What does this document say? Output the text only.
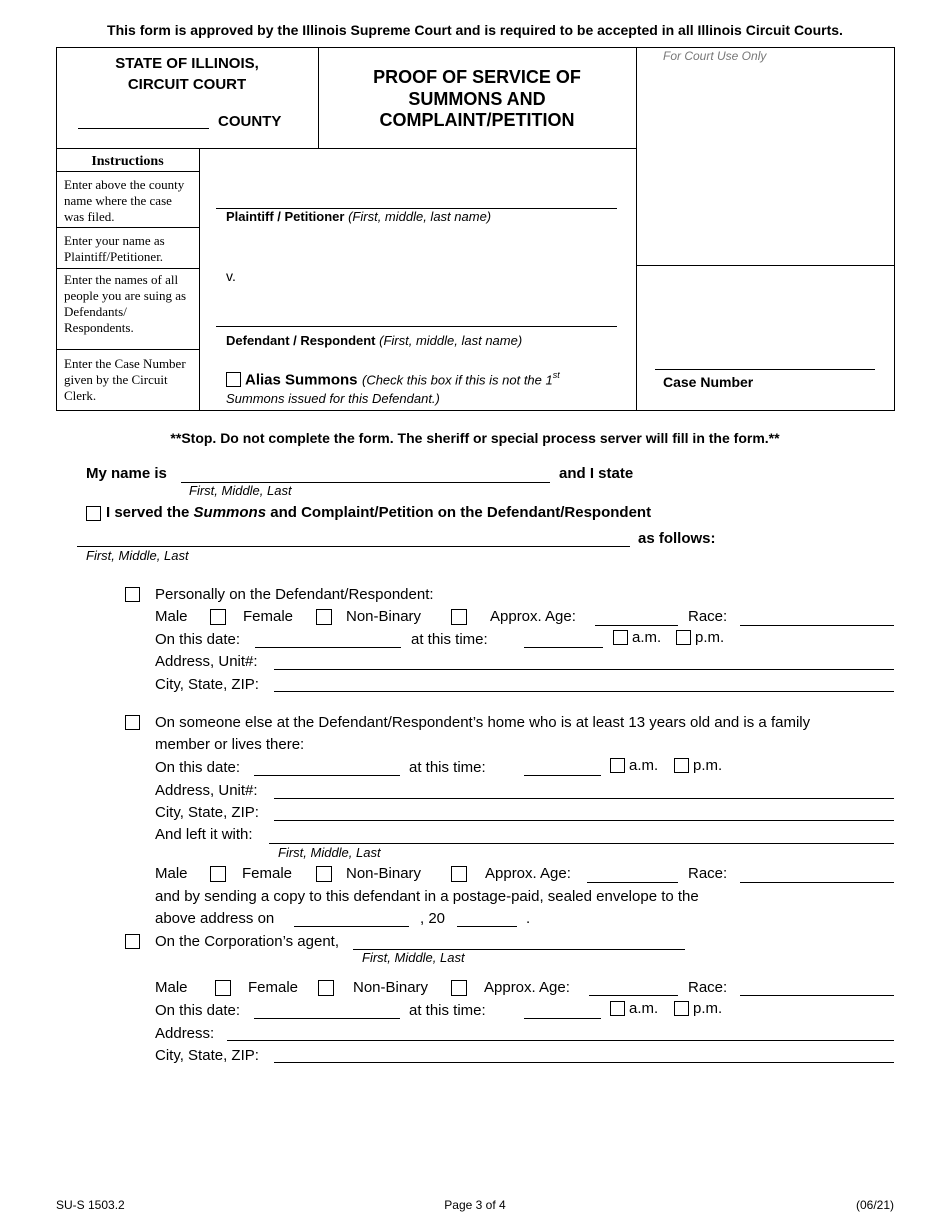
This form is approved by the Illinois Supreme Court and is required to be accepted in all Illinois Circuit Courts.
STATE OF ILLINOIS,
CIRCUIT COURT
COUNTY
PROOF OF SERVICE OF
SUMMONS AND
COMPLAINT/PETITION
For Court Use Only
Instructions
Enter above the county name where the case was filed.
Enter your name as Plaintiff/Petitioner.
Enter the names of all people you are suing as Defendants/ Respondents.
Enter the Case Number given by the Circuit Clerk.
Plaintiff / Petitioner (First, middle, last name)
v.
Defendant / Respondent (First, middle, last name)
Alias Summons (Check this box if this is not the 1st
Summons issued for this Defendant.)
Case Number
**Stop. Do not complete the form. The sheriff or special process server will fill in the form.**
My name is	and I state
First, Middle, Last
I served the Summons and Complaint/Petition on the Defendant/Respondent
as follows:
First, Middle, Last
Personally on the Defendant/Respondent:
Male	Female	Non-Binary	Approx. Age:	Race:
On this date:	at this time:	a.m. p.m.
Address, Unit#:
City, State, ZIP:
On someone else at the Defendant/Respondent’s home who is at least 13 years old and is a family
member or lives there:
On this date:	at this time:	a.m. p.m.
Address, Unit#:
City, State, ZIP:
And left it with:
First, Middle, Last
Male	Female	Non-Binary	Approx. Age:	Race:
and by sending a copy to this defendant in a postage-paid, sealed envelope to the
above address on	, 20	.
On the Corporation’s agent,
First, Middle, Last
Male	Female	Non-Binary	Approx. Age:	Race:
On this date:	at this time:	a.m. p.m.
Address:
City, State, ZIP:
SU-S 1503.2	Page 3 of 4	(06/21)
